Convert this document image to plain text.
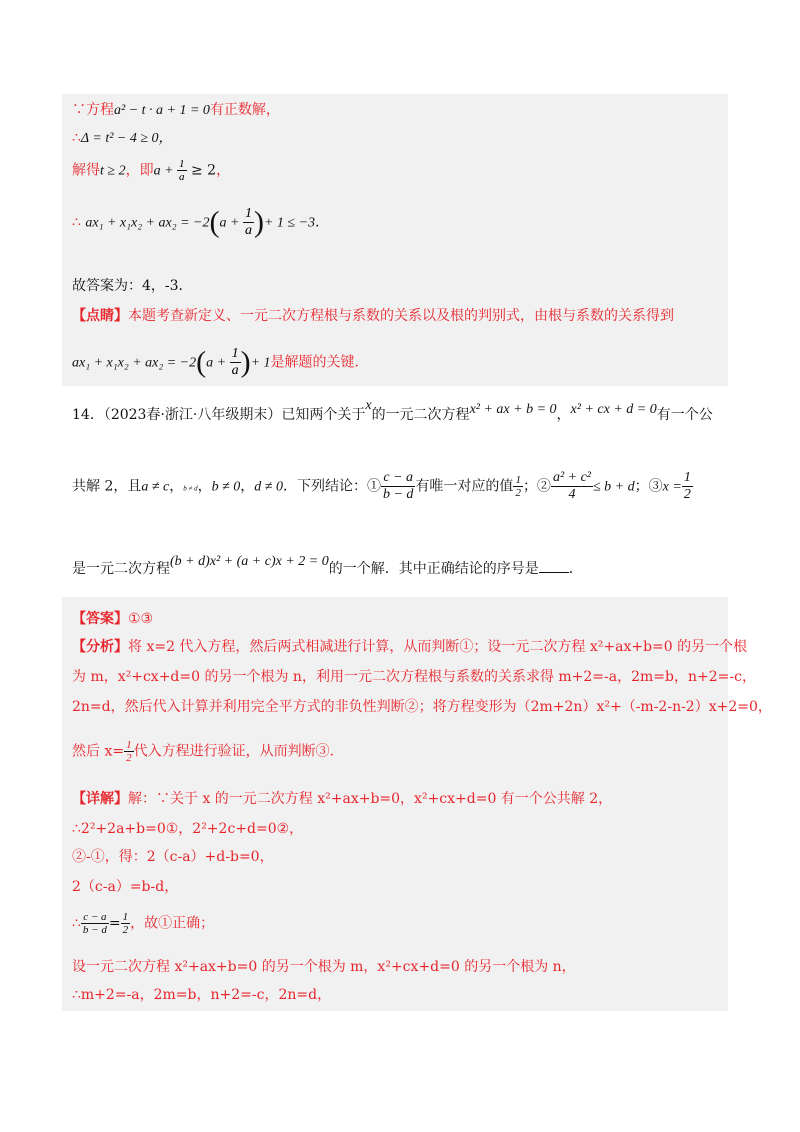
∵方程a² − t · a + 1 = 0有正数解，
∴Δ = t² − 4 ≥ 0，
解得t ≥ 2，即$a + \frac{1}{a} \ge 2$，
∴ $ax_1 + x_1x_2 + ax_2 = -2(a + \frac{1}{a}$ )+ 1 ≤ −3.
故答案为：4，-3．
【点睛】本题考查新定义、一元二次方程根与系数的关系以及根的判别式，由根与系数的关系得到
$ax_1 + x_1x_2 + ax_2 = -2(a + \frac{1}{a}$ )+ 1是解题的关键．
14．（2023春·浙江·八年级期末）已知两个关于x的一元二次方程x² + ax + b = 0，x² + cx + d = 0有一个公
共解 2，且a ≠ c，b ≠ d，b ≠ 0，d ≠ 0．下列结论：① $\frac{c - a}{b - d}$ 有唯一对应的值 $\frac{1}{2}$ ；② $\frac{\text{a² + c²}}{4} \le b + d$；③x = $\frac{1}{2}$
是一元二次方程(b + d)x² + (a + c)x + 2 = 0的一个解．其中正确结论的序号是 ．
【答案】①③
【分析】将 x=2 代入方程，然后两式相减进行计算，从而判断①；设一元二次方程 x²+ax+b=0 的另一个根
为 m，x²+cx+d=0 的另一个根为 n，利用一元二次方程根与系数的关系求得 m+2=-a，2m=b，n+2=-c，
2n=d，然后代入计算并利用完全平方式的非负性判断②；将方程变形为（2m+2n）x²+（-m-2-n-2）x+2=0，
然后 $x= \frac{1}{2}$ 代入方程进行验证，从而判断③．
【详解】解：∵关于 x 的一元二次方程 x²+ax+b=0，x²+cx+d=0 有一个公共解 2，
∴2²+2a+b=0①，2²+2c+d=0②，
②-①，得：2（c-a）+d-b=0，
2（c-a）=b-d，
∴ $\frac{c - a}{b - d} = \frac{1}{2}$ ，故①正确；
设一元二次方程 x²+ax+b=0 的另一个根为 m，x²+cx+d=0 的另一个根为 n，
∴m+2=-a，2m=b，n+2=-c，2n=d，
